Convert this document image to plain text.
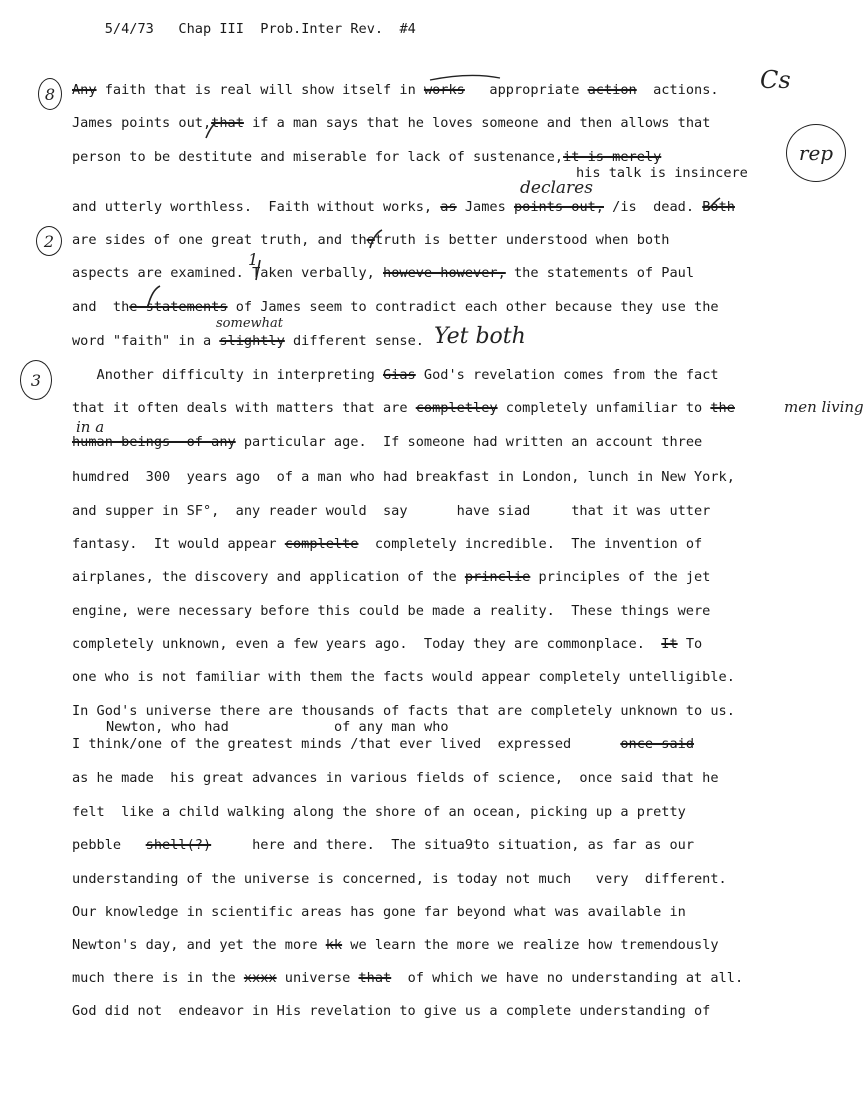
5/4/73 Chap III Prob.Inter Rev. #4

8
2
3
rep
Cs
1
Any faith that is real will show itself in works   appropriate action  actions.
James points out,that if a man says that he loves someone and then allows that
person to be destitute and miserable for lack of sustenance,it is merely
his talk is insincere
declares
and utterly worthless.  Faith without works, as James points out, /is  dead. Both
are sides of one great truth, and thetruth is better understood when both
aspects are examined. Taken verbally, howeve however, the statements of Paul
and  the statements of James seem to contradict each other because they use the
somewhat
word "faith" in a slightly different sense. Yet both
Another difficulty in interpreting Gias God's revelation comes from the fact
that it often deals with matters that are completley completely unfamiliar to the	men living
in a
human beings  of any particular age.  If someone had written an account three
humdred  300  years ago  of a man who had breakfast in London, lunch in New York,
and supper in SF°,  any reader would  say      have siad     that it was utter
fantasy.  It would appear complelte  completely incredible.  The invention of
airplanes, the discovery and application of the princlie principles of the jet
engine, were necessary before this could be made a reality.  These things were
completely unknown, even a few years ago.  Today they are commonplace.  It To
one who is not familiar with them the facts would appear completely untelligible.
In God's universe there are thousands of facts that are completely unknown to us.
Newton, who had	of any man who
I think/one of the greatest minds /that ever lived  expressed      once said
as he made  his great advances in various fields of science,  once said that he
felt  like a child walking along the shore of an ocean, picking up a pretty
pebble   shell(?)     here and there.  The situa9to situation, as far as our
understanding of the universe is concerned, is today not much   very  different.
Our knowledge in scientific areas has gone far beyond what was available in
Newton's day, and yet the more kk we learn the more we realize how tremendously
much there is in the xxxx universe that  of which we have no understanding at all.
God did not  endeavor in His revelation to give us a complete understanding of
